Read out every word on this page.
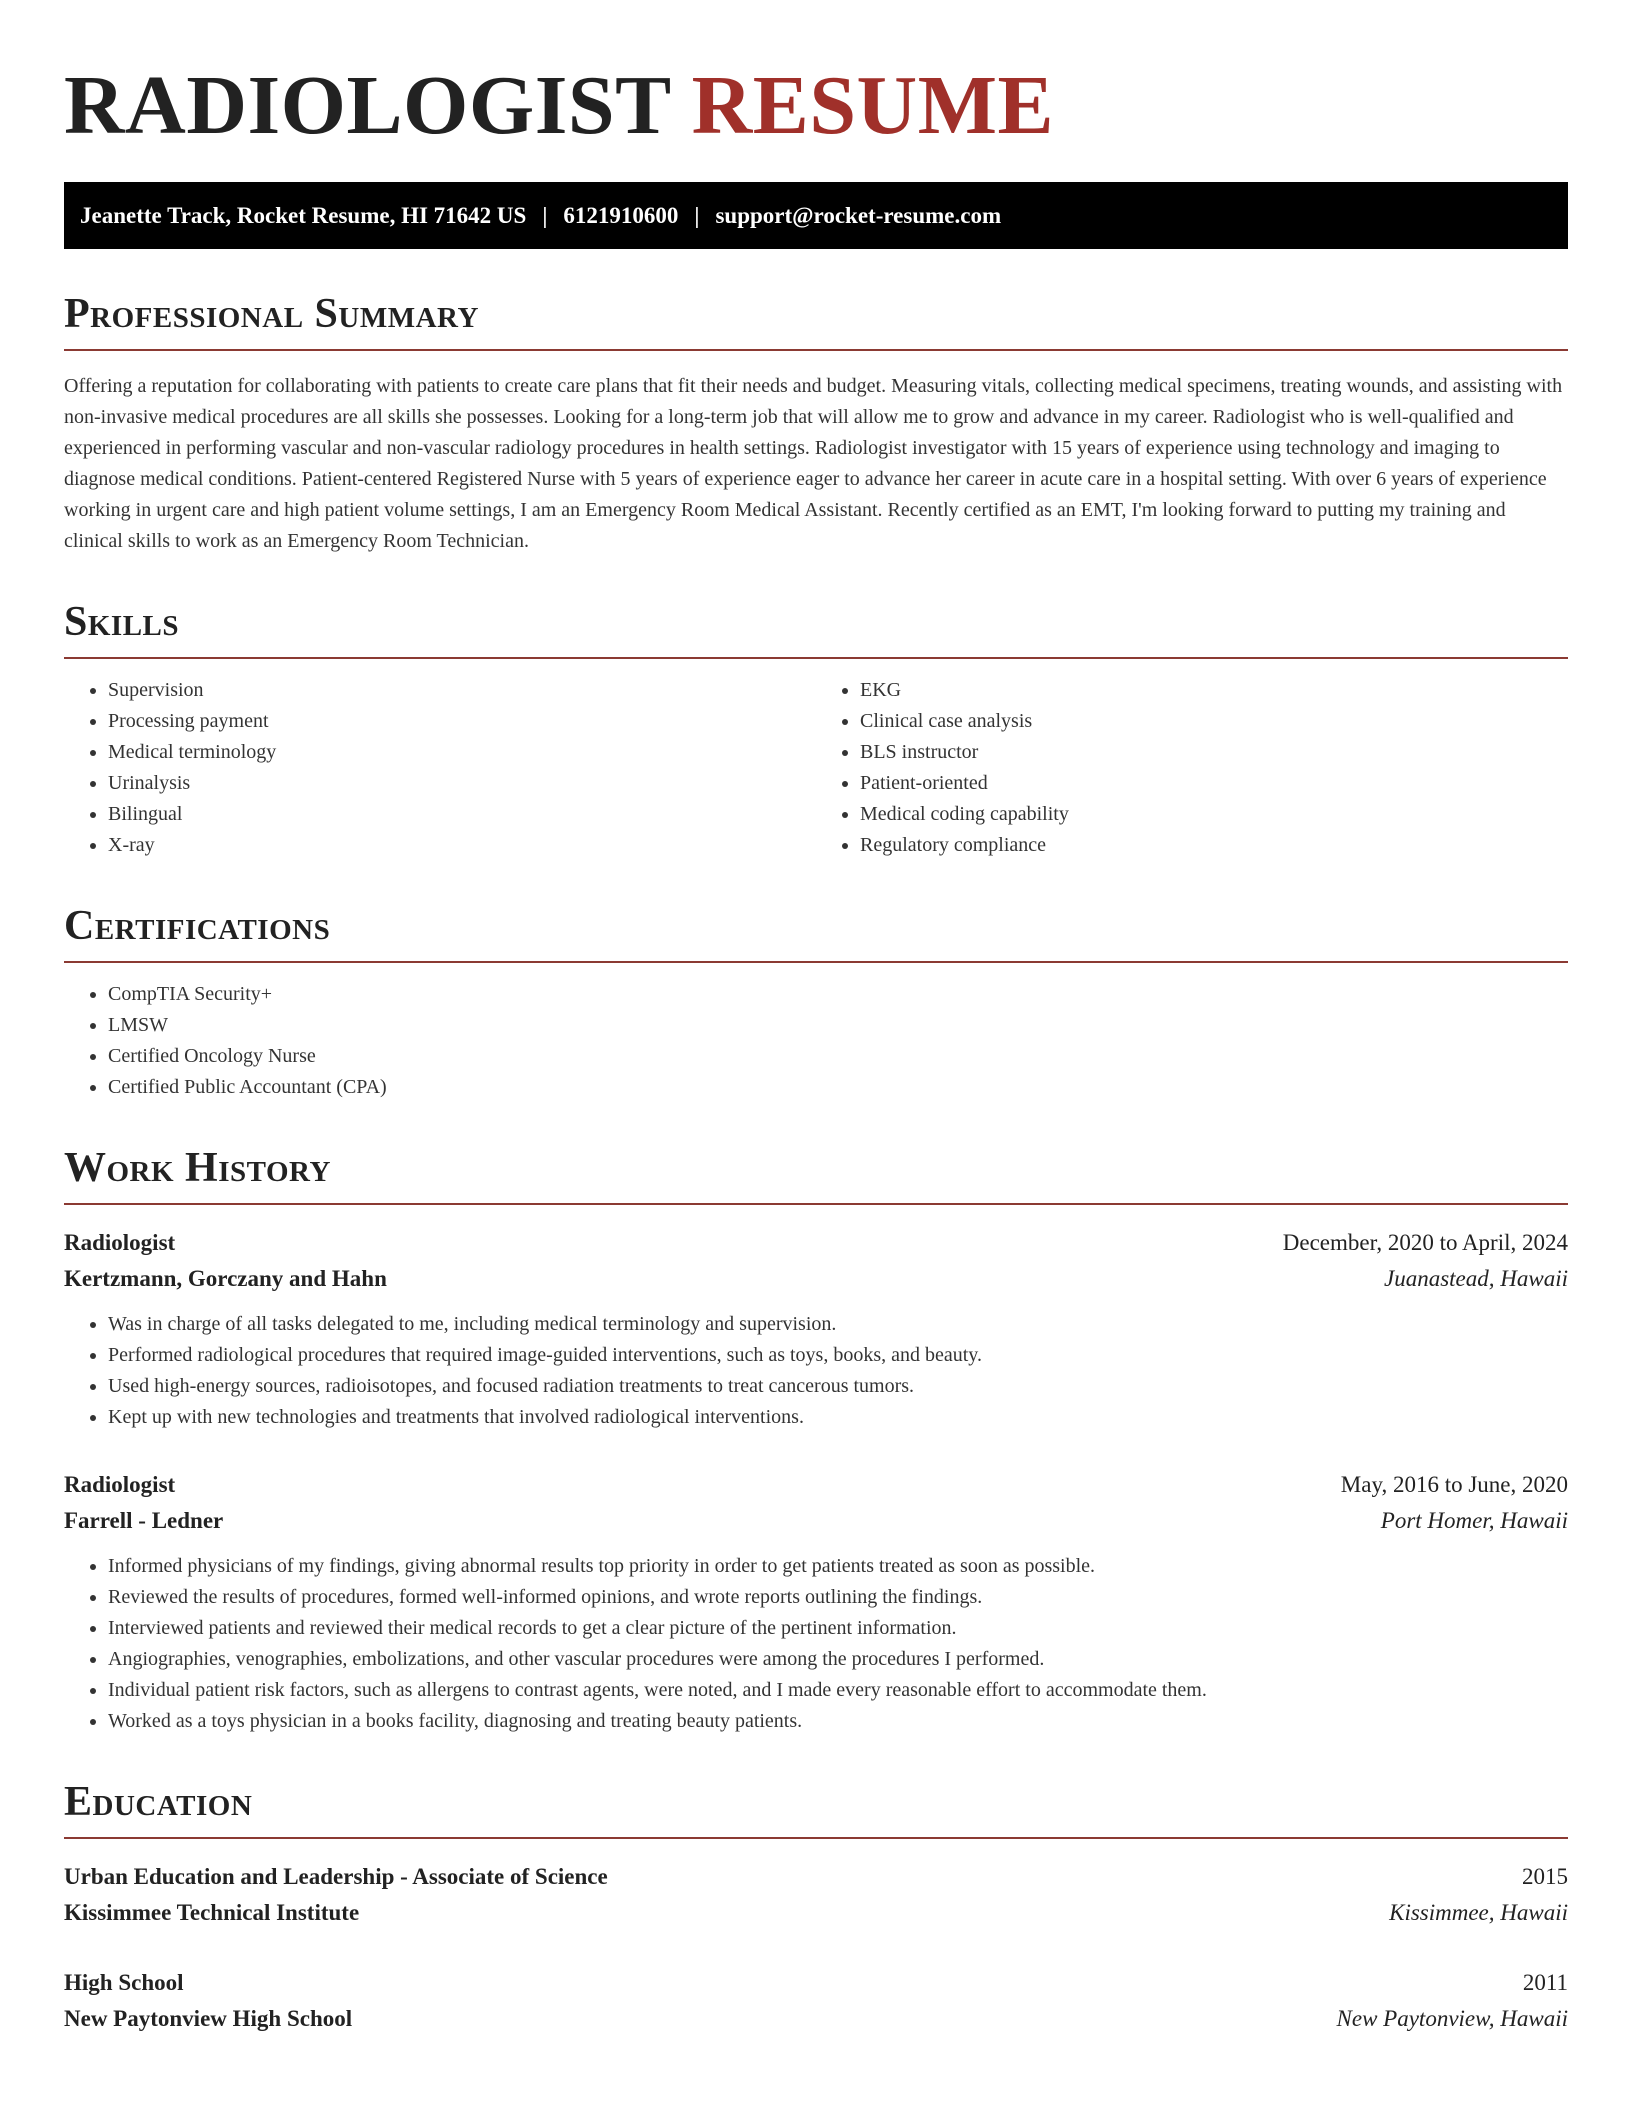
RADIOLOGIST RESUME
Jeanette Track, Rocket Resume, HI 71642 US | 6121910600 | support@rocket-resume.com
Professional Summary
Offering a reputation for collaborating with patients to create care plans that fit their needs and budget. Measuring vitals, collecting medical specimens, treating wounds, and assisting with non-invasive medical procedures are all skills she possesses. Looking for a long-term job that will allow me to grow and advance in my career. Radiologist who is well-qualified and experienced in performing vascular and non-vascular radiology procedures in health settings. Radiologist investigator with 15 years of experience using technology and imaging to diagnose medical conditions. Patient-centered Registered Nurse with 5 years of experience eager to advance her career in acute care in a hospital setting. With over 6 years of experience working in urgent care and high patient volume settings, I am an Emergency Room Medical Assistant. Recently certified as an EMT, I'm looking forward to putting my training and clinical skills to work as an Emergency Room Technician.
Skills
• Supervision
• Processing payment
• Medical terminology
• Urinalysis
• Bilingual
• X-ray
• EKG
• Clinical case analysis
• BLS instructor
• Patient-oriented
• Medical coding capability
• Regulatory compliance
Certifications
• CompTIA Security+
• LMSW
• Certified Oncology Nurse
• Certified Public Accountant (CPA)
Work History
Radiologist	December, 2020 to April, 2024
Kertzmann, Gorczany and Hahn	Juanastead, Hawaii
• Was in charge of all tasks delegated to me, including medical terminology and supervision.
• Performed radiological procedures that required image-guided interventions, such as toys, books, and beauty.
• Used high-energy sources, radioisotopes, and focused radiation treatments to treat cancerous tumors.
• Kept up with new technologies and treatments that involved radiological interventions.
Radiologist	May, 2016 to June, 2020
Farrell - Ledner	Port Homer, Hawaii
• Informed physicians of my findings, giving abnormal results top priority in order to get patients treated as soon as possible.
• Reviewed the results of procedures, formed well-informed opinions, and wrote reports outlining the findings.
• Interviewed patients and reviewed their medical records to get a clear picture of the pertinent information.
• Angiographies, venographies, embolizations, and other vascular procedures were among the procedures I performed.
• Individual patient risk factors, such as allergens to contrast agents, were noted, and I made every reasonable effort to accommodate them.
• Worked as a toys physician in a books facility, diagnosing and treating beauty patients.
Education
Urban Education and Leadership - Associate of Science	2015
Kissimmee Technical Institute	Kissimmee, Hawaii
High School	2011
New Paytonview High School	New Paytonview, Hawaii
